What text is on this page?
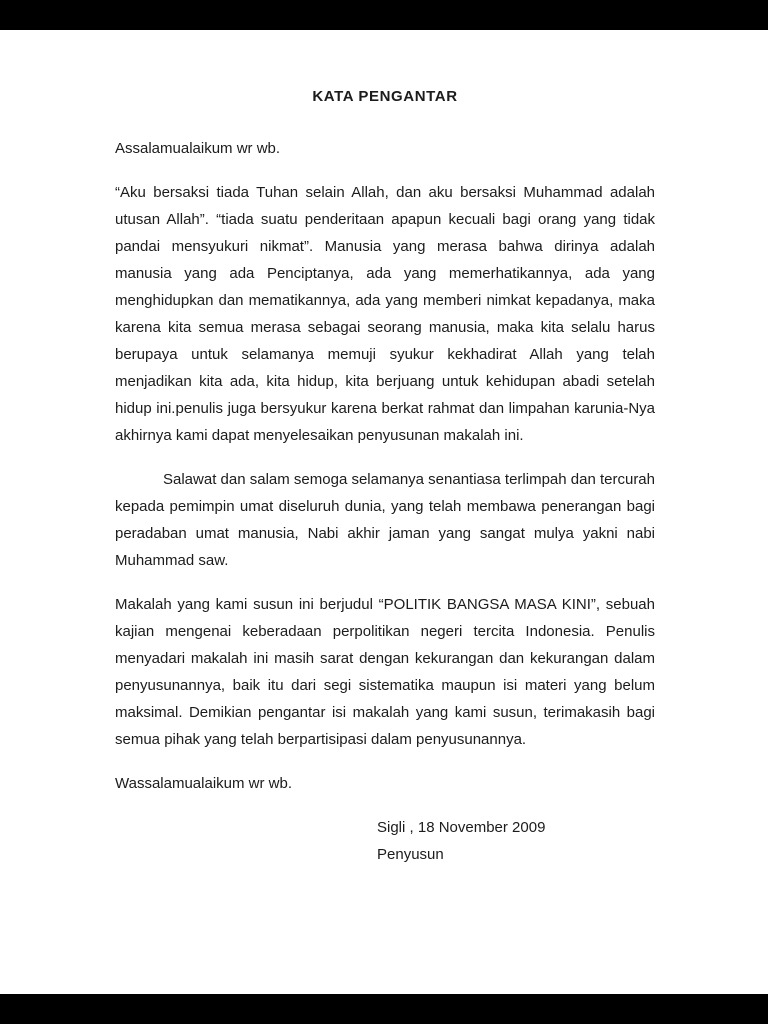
KATA PENGANTAR

Assalamualaikum wr wb.

“Aku bersaksi tiada Tuhan selain Allah, dan aku bersaksi Muhammad adalah utusan Allah”. “tiada suatu penderitaan apapun kecuali bagi orang yang tidak pandai mensyukuri nikmat”. Manusia yang merasa bahwa dirinya adalah manusia yang ada Penciptanya, ada yang memerhatikannya, ada yang menghidupkan dan mematikannya, ada yang memberi nimkat kepadanya, maka karena kita semua merasa sebagai seorang manusia, maka kita selalu harus berupaya untuk selamanya memuji syukur kekhadirat Allah yang telah menjadikan kita ada, kita hidup, kita berjuang untuk kehidupan abadi setelah hidup ini.penulis juga bersyukur karena berkat rahmat dan limpahan karunia-Nya akhirnya kami dapat menyelesaikan penyusunan makalah ini.

Salawat dan salam semoga selamanya senantiasa terlimpah dan tercurah kepada pemimpin umat diseluruh dunia, yang telah membawa penerangan bagi peradaban umat manusia, Nabi akhir jaman yang sangat mulya yakni nabi Muhammad saw.

Makalah yang kami susun ini berjudul “POLITIK BANGSA MASA KINI”, sebuah kajian mengenai keberadaan perpolitikan negeri tercita Indonesia. Penulis menyadari makalah ini masih sarat dengan kekurangan dan kekurangan dalam penyusunannya, baik itu dari segi sistematika maupun isi materi yang belum maksimal. Demikian pengantar isi makalah yang kami susun, terimakasih bagi semua pihak yang telah berpartisipasi dalam penyusunannya.

Wassalamualaikum wr wb.

Sigli , 18 November 2009

Penyusun
